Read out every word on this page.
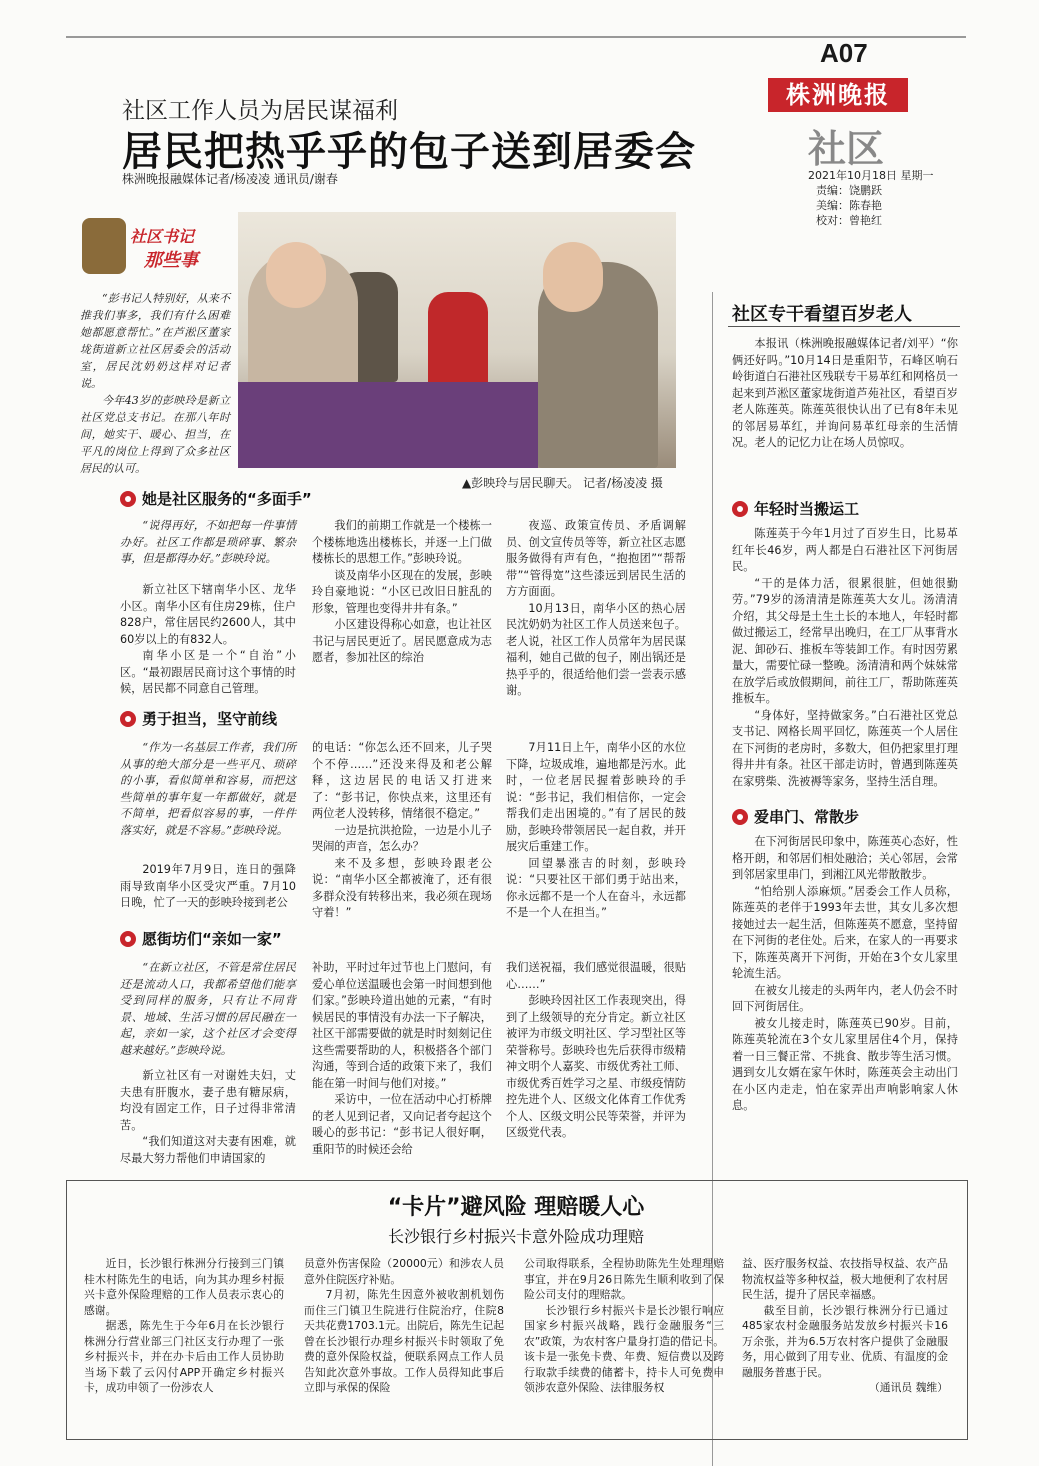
A07
株洲晚报
社区
2021年10月18日 星期一
责编：饶鹏跃
美编：陈春艳
校对：曾艳红
社区工作人员为居民谋福利
居民把热乎乎的包子送到居委会
株洲晚报融媒体记者/杨凌凌 通讯员/谢春
社区书记
那些事

“彭书记人特别好，从来不推我们事多，我们有什么困难她都愿意帮忙。”在芦淞区董家垅街道新立社区居委会的活动室，居民沈奶奶这样对记者说。

今年43岁的彭映玲是新立社区党总支书记。在那八年时间，她实干、暖心、担当，在平凡的岗位上得到了众多社区居民的认可。

▲彭映玲与居民聊天。 记者/杨凌凌 摄
她是社区服务的“多面手”

“说得再好，不如把每一件事情办好。社区工作都是琐碎事、繁杂事，但是都得办好。”彭映玲说。

新立社区下辖南华小区、龙华小区。南华小区有住房29栋，住户828户，常住居民约2600人，其中60岁以上的有832人。

南华小区是一个“自治”小区。“最初跟居民商讨这个事情的时候，居民都不同意自己管理。

我们的前期工作就是一个楼栋一个楼栋地选出楼栋长，并逐一上门做楼栋长的思想工作。”彭映玲说。

谈及南华小区现在的发展，彭映玲自豪地说：“小区已改旧日脏乱的形象，管理也变得井井有条。”

小区建设得称心如意，也让社区书记与居民更近了。居民愿意成为志愿者，参加社区的综治

夜巡、政策宣传员、矛盾调解员、创文宣传员等等，新立社区志愿服务做得有声有色，“抱抱团”“帮帮带”“管得宽”这些漆远到居民生活的方方面面。

10月13日，南华小区的热心居民沈奶奶为社区工作人员送来包子。老人说，社区工作人员常年为居民谋福利，她自己做的包子，刚出锅还是热乎乎的，很适给他们尝一尝表示感谢。

勇于担当，坚守前线

“作为一名基层工作者，我们所从事的绝大部分是一些平凡、琐碎的小事，看似简单和容易，而把这些简单的事年复一年都做好，就是不简单，把看似容易的事，一件件落实好，就是不容易。”彭映玲说。

2019年7月9日，连日的强降雨导致南华小区受灾严重。7月10日晚，忙了一天的彭映玲接到老公

的电话：“你怎么还不回来，儿子哭个不停……”还没来得及和老公解释，这边居民的电话又打进来了：“彭书记，你快点来，这里还有两位老人没转移，情绪很不稳定。”

一边是抗洪抢险，一边是小儿子哭闹的声音，怎么办？

来不及多想，彭映玲跟老公说：“南华小区全都被淹了，还有很多群众没有转移出来，我必须在现场守着！”

7月11日上午，南华小区的水位下降，垃圾成堆，遍地都是污水。此时，一位老居民握着彭映玲的手说：“彭书记，我们相信你，一定会帮我们走出困境的。”有了居民的鼓励，彭映玲带领居民一起自救，并开展灾后重建工作。

回望暴涨吉的时刻，彭映玲说：“只要社区干部们勇于站出来，你永远都不是一个人在奋斗，永远都不是一个人在担当。”

愿街坊们“亲如一家”

“在新立社区，不管是常住居民还是流动人口，我都希望他们能享受到同样的服务，只有让不同背景、地域、生活习惯的居民融在一起，亲如一家，这个社区才会变得越来越好。”彭映玲说。

新立社区有一对谢姓夫妇，丈夫患有肝腹水，妻子患有糖尿病，均没有固定工作，日子过得非常清苦。

“我们知道这对夫妻有困难，就尽最大努力帮他们申请国家的

补助，平时过年过节也上门慰问，有爱心单位送温暖也会第一时间想到他们家。”彭映玲道出她的元素，“有时候居民的事情没有办法一下子解决，社区干部需要做的就是时时刻刻记住这些需要帮助的人，积极搭各个部门沟通，等到合适的政策下来了，我们能在第一时间与他们对接。”

采访中，一位在活动中心打桥牌的老人见到记者，又向记者夸起这个暖心的彭书记：“彭书记人很好啊，重阳节的时候还会给

我们送祝福，我们感觉很温暖，很贴心……”

彭映玲因社区工作表现突出，得到了上级领导的充分肯定。新立社区被评为市级文明社区、学习型社区等荣誉称号。彭映玲也先后获得市级精神文明个人嘉奖、市级优秀社工师、市级优秀百姓学习之星、市级疫情防控先进个人、区级文化体育工作优秀个人、区级文明公民等荣誉，并评为区级党代表。

社区专干看望百岁老人

本报讯（株洲晚报融媒体记者/刘平）“你俩还好吗。”10月14日是重阳节，石峰区响石岭街道白石港社区残联专干易革红和网格员一起来到芦淞区董家垅街道芦苑社区，看望百岁老人陈莲英。陈莲英很快认出了已有8年未见的邻居易革红，并询问易革红母亲的生活情况。老人的记忆力让在场人员惊叹。

年轻时当搬运工

陈莲英于今年1月过了百岁生日，比易革红年长46岁，两人都是白石港社区下河街居民。

“干的是体力活，很累很脏，但她很勤劳。”79岁的汤清清是陈莲英大女儿。汤清清介绍，其父母是土生土长的本地人，年轻时都做过搬运工，经常早出晚归，在工厂从事背水泥、卸砂石、推板车等装卸工作。有时因劳累量大，需要忙碌一整晚。汤清清和两个妹妹常在放学后或放假期间，前往工厂，帮助陈莲英推板车。

“身体好，坚持做家务。”白石港社区党总支书记、网格长周平回忆，陈莲英一个人居住在下河街的老房时，多数大，但仍把家里打理得井井有条。社区干部走访时，曾遇到陈莲英在家劈柴、洗被褥等家务，坚持生活自理。

爱串门、常散步

在下河街居民印象中，陈莲英心态好，性格开朗，和邻居们相处融洽；关心邻居，会常到邻居家里串门，到湘江风光带散散步。

“怕给别人添麻烦。”居委会工作人员称，陈莲英的老伴于1993年去世，其女儿多次想接她过去一起生活，但陈莲英不愿意，坚持留在下河街的老住处。后来，在家人的一再要求下，陈莲英离开下河街，开始在3个女儿家里轮流生活。

在被女儿接走的头两年内，老人仍会不时回下河街居住。

被女儿接走时，陈莲英已90岁。目前，陈莲英轮流在3个女儿家里居住4个月，保持着一日三餐正常、不挑食、散步等生活习惯。遇到女儿女婿在家午休时，陈莲英会主动出门在小区内走走，怕在家弄出声响影响家人休息。

“卡片”避风险 理赔暖人心
长沙银行乡村振兴卡意外险成功理赔

近日，长沙银行株洲分行接到三门镇桂木村陈先生的电话，向为其办理乡村振兴卡意外保险理赔的工作人员表示衷心的感谢。

据悉，陈先生于今年6月在长沙银行株洲分行营业部三门社区支行办理了一张乡村振兴卡，并在办卡后由工作人员协助当场下载了云闪付APP开确定乡村振兴卡，成功申领了一份涉农人

员意外伤害保险（20000元）和涉农人员意外住院医疗补贴。

7月初，陈先生因意外被收割机划伤而住三门镇卫生院进行住院治疗，住院8天共花费1703.1元。出院后，陈先生记起曾在长沙银行办理乡村振兴卡时领取了免费的意外保险权益，便联系网点工作人员告知此次意外事故。工作人员得知此事后立即与承保的保险

公司取得联系，全程协助陈先生处理理赔事宜，并在9月26日陈先生顺利收到了保险公司支付的理赔款。

长沙银行乡村振兴卡是长沙银行响应国家乡村振兴战略，践行金融服务“三农”政策，为农村客户量身打造的借记卡。该卡是一张免卡费、年费、短信费以及跨行取款手续费的储蓄卡，持卡人可免费申领涉农意外保险、法律服务权

益、医疗服务权益、农技指导权益、农产品物流权益等多种权益，极大地便利了农村居民生活，提升了居民幸福感。

截至目前，长沙银行株洲分行已通过485家农村金融服务站发放乡村振兴卡16万余张，并为6.5万农村客户提供了金融服务，用心做到了用专业、优质、有温度的金融服务普惠于民。

（通讯员 魏维）
